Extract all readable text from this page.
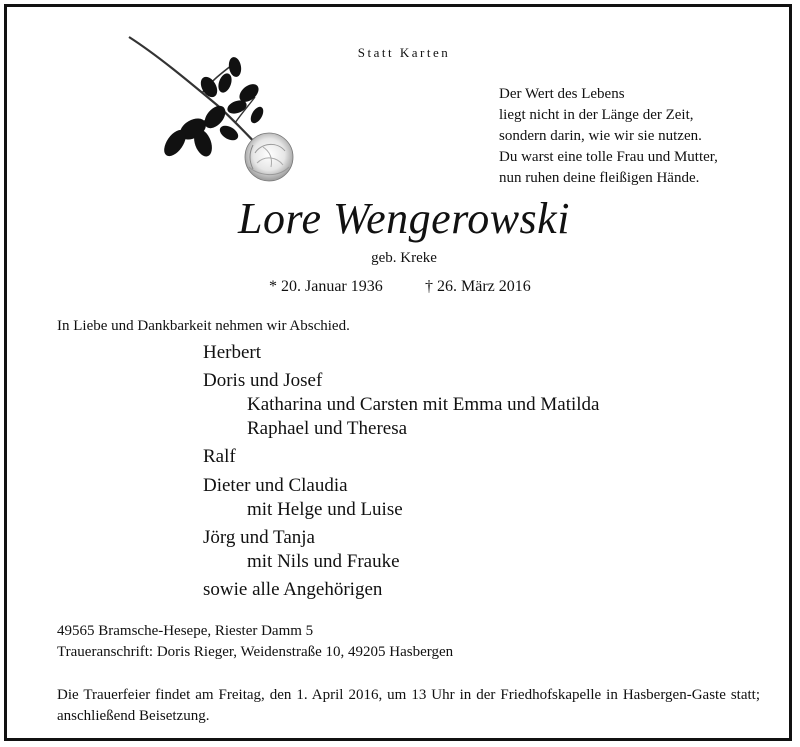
Statt Karten
Der Wert des Lebens
liegt nicht in der Länge der Zeit,
sondern darin, wie wir sie nutzen.
Du warst eine tolle Frau und Mutter,
nun ruhen deine fleißigen Hände.
Lore Wengerowski
geb. Kreke
* 20. Januar 1936	† 26. März 2016
In Liebe und Dankbarkeit nehmen wir Abschied.
Herbert
Doris und Josef
Katharina und Carsten mit Emma und Matilda
Raphael und Theresa
Ralf
Dieter und Claudia
mit Helge und Luise
Jörg und Tanja
mit Nils und Frauke
sowie alle Angehörigen
49565 Bramsche-Hesepe, Riester Damm 5
Traueranschrift: Doris Rieger, Weidenstraße 10, 49205 Hasbergen
Die Trauerfeier findet am Freitag, den 1. April 2016, um 13 Uhr in der Friedhofskapelle in Hasbergen-Gaste statt; anschließend Beisetzung.
